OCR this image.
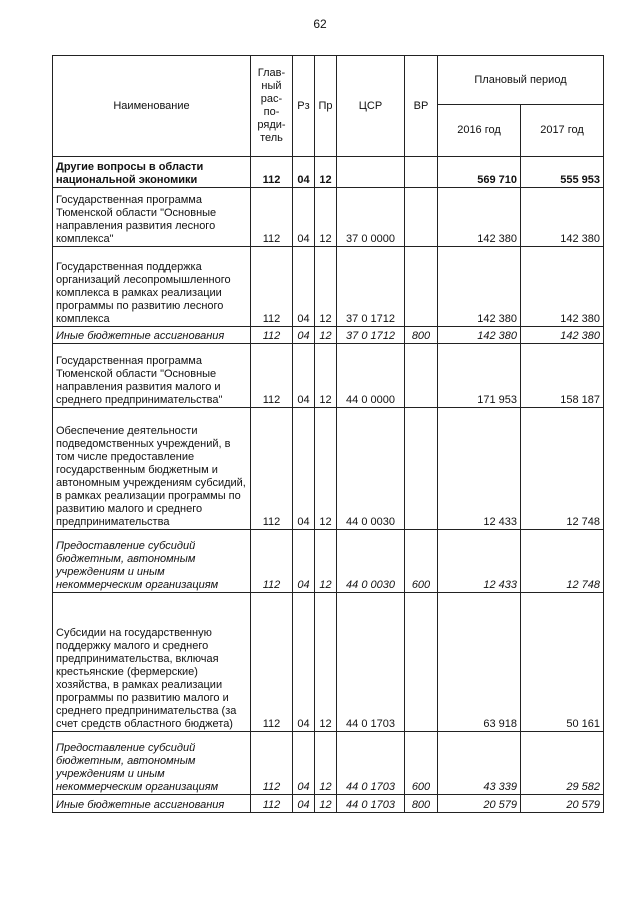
62
Наименование	Глав-ный рас-по-ряди-тель	Рз	Пр	ЦСР	ВР	Плановый период	
						2016 год	2017 год
Другие вопросы в области национальной экономики	112	04	12			569 710	555 953
Государственная программа Тюменской области "Основные направления развития лесного комплекса"	112	04	12	37 0 0000		142 380	142 380
Государственная поддержка организаций лесопромышленного комплекса в рамках реализации программы по развитию лесного комплекса	112	04	12	37 0 1712		142 380	142 380
Иные бюджетные ассигнования	112	04	12	37 0 1712	800	142 380	142 380
Государственная программа Тюменской области "Основные направления развития малого и среднего предпринимательства"	112	04	12	44 0 0000		171 953	158 187
Обеспечение деятельности подведомственных учреждений, в том числе предоставление государственным бюджетным и автономным учреждениям субсидий, в рамках реализации программы по развитию малого и среднего предпринимательства	112	04	12	44 0 0030		12 433	12 748
Предоставление субсидий бюджетным, автономным учреждениям и иным некоммерческим организациям	112	04	12	44 0 0030	600	12 433	12 748
Субсидии на государственную поддержку малого и среднего предпринимательства, включая крестьянские (фермерские) хозяйства, в рамках реализации программы по развитию малого и среднего предпринимательства (за счет средств областного бюджета)	112	04	12	44 0 1703		63 918	50 161
Предоставление субсидий бюджетным, автономным учреждениям и иным некоммерческим организациям	112	04	12	44 0 1703	600	43 339	29 582
Иные бюджетные ассигнования	112	04	12	44 0 1703	800	20 579	20 579
